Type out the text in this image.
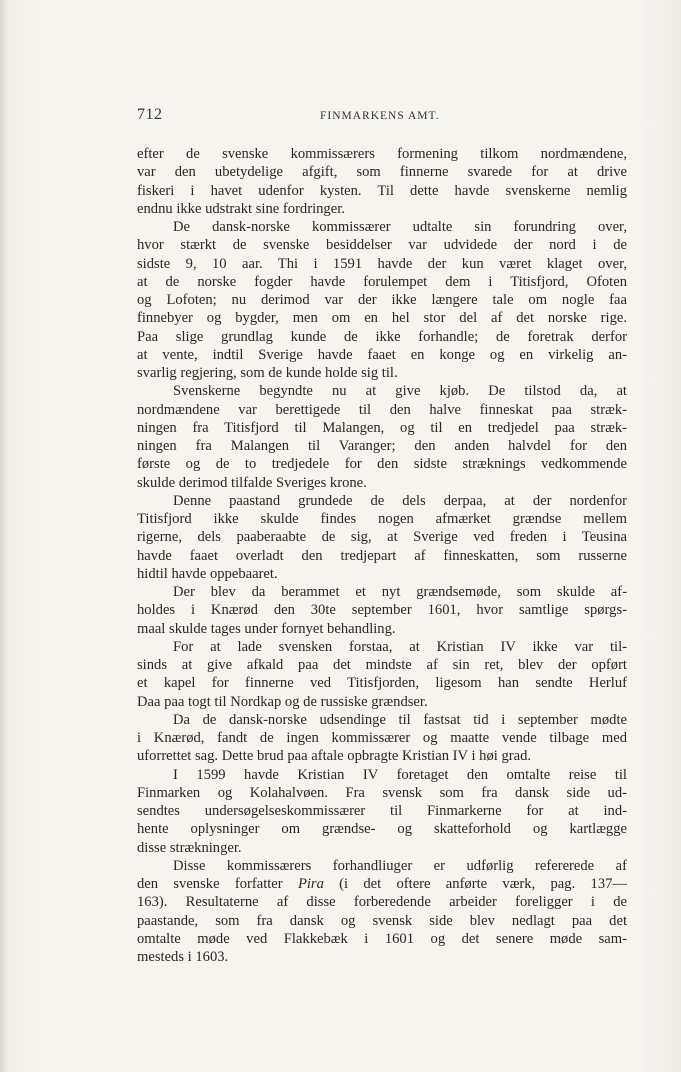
712	FINMARKENS AMT.
efter de svenske kommissærers formening tilkom nordmændene,
var den ubetydelige afgift, som finnerne svarede for at drive
fiskeri i havet udenfor kysten. Til dette havde svenskerne nemlig
endnu ikke udstrakt sine fordringer.
De dansk-norske kommissærer udtalte sin forundring over,
hvor stærkt de svenske besiddelser var udvidede der nord i de
sidste 9, 10 aar. Thi i 1591 havde der kun været klaget over,
at de norske fogder havde forulempet dem i Titisfjord, Ofoten
og Lofoten; nu derimod var der ikke længere tale om nogle faa
finnebyer og bygder, men om en hel stor del af det norske rige.
Paa slige grundlag kunde de ikke forhandle; de foretrak derfor
at vente, indtil Sverige havde faaet en konge og en virkelig an-
svarlig regjering, som de kunde holde sig til.
Svenskerne begyndte nu at give kjøb. De tilstod da, at
nordmændene var berettigede til den halve finneskat paa stræk-
ningen fra Titisfjord til Malangen, og til en tredjedel paa stræk-
ningen fra Malangen til Varanger; den anden halvdel for den
første og de to tredjedele for den sidste stræknings vedkommende
skulde derimod tilfalde Sveriges krone.
Denne paastand grundede de dels derpaa, at der nordenfor
Titisfjord ikke skulde findes nogen afmærket grændse mellem
rigerne, dels paaberaabte de sig, at Sverige ved freden i Teusina
havde faaet overladt den tredjepart af finneskatten, som russerne
hidtil havde oppebaaret.
Der blev da berammet et nyt grændsemøde, som skulde af-
holdes i Knærød den 30te september 1601, hvor samtlige spørgs-
maal skulde tages under fornyet behandling.
For at lade svensken forstaa, at Kristian IV ikke var til-
sinds at give afkald paa det mindste af sin ret, blev der opført
et kapel for finnerne ved Titisfjorden, ligesom han sendte Herluf
Daa paa togt til Nordkap og de russiske grændser.
Da de dansk-norske udsendinge til fastsat tid i september mødte
i Knærød, fandt de ingen kommissærer og maatte vende tilbage med
uforrettet sag. Dette brud paa aftale opbragte Kristian IV i høi grad.
I 1599 havde Kristian IV foretaget den omtalte reise til
Finmarken og Kolahalvøen. Fra svensk som fra dansk side ud-
sendtes undersøgelseskommissærer til Finmarkerne for at ind-
hente oplysninger om grændse- og skatteforhold og kartlægge
disse strækninger.
Disse kommissærers forhandliuger er udførlig refererede af
den svenske forfatter Pira (i det oftere anførte værk, pag. 137—
163). Resultaterne af disse forberedende arbeider foreligger i de
paastande, som fra dansk og svensk side blev nedlagt paa det
omtalte møde ved Flakkebæk i 1601 og det senere møde sam-
mesteds i 1603.
